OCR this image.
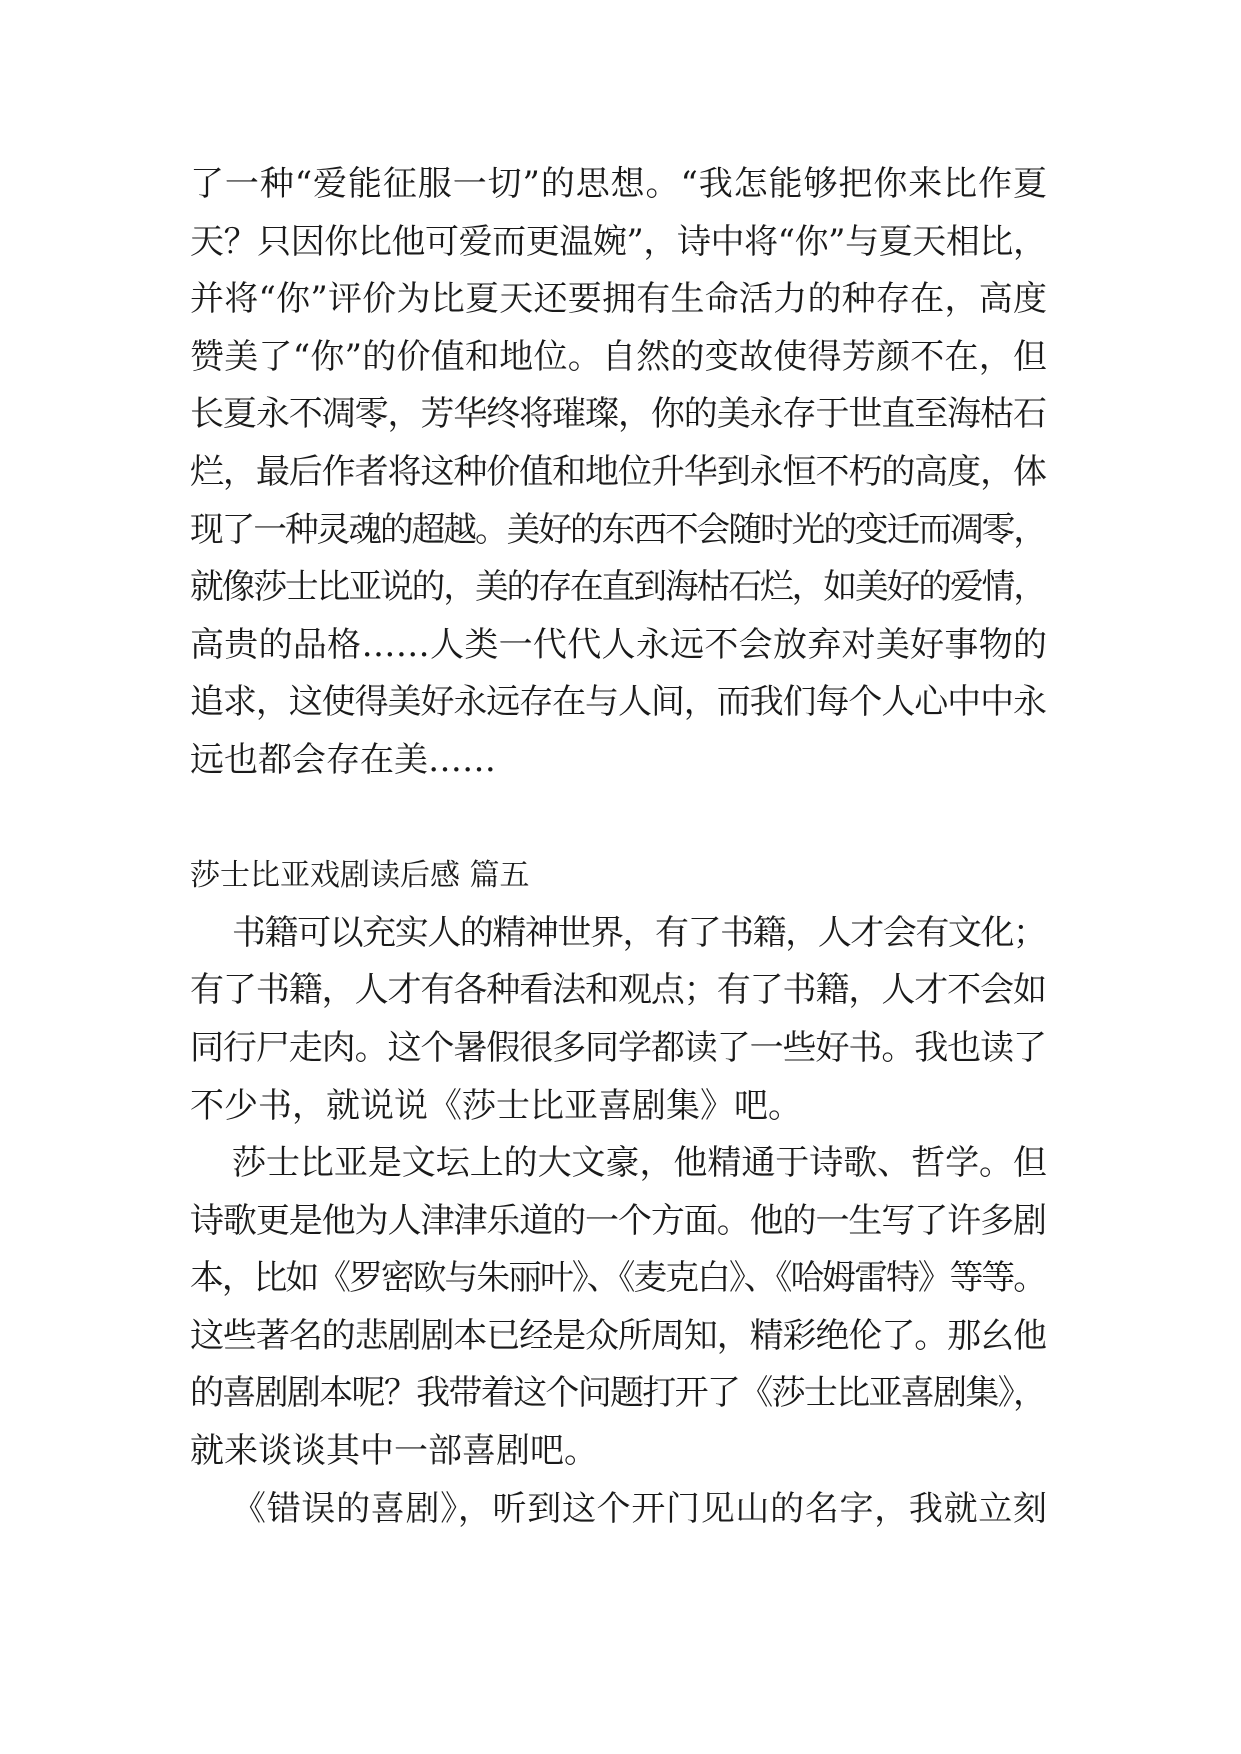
了一种“爱能征服一切”的思想。“我怎能够把你来比作夏
天？只因你比他可爱而更温婉”，诗中将“你”与夏天相比，
并将“你”评价为比夏天还要拥有生命活力的种存在，高度
赞美了“你”的价值和地位。自然的变故使得芳颜不在，但
长夏永不凋零，芳华终将璀璨，你的美永存于世直至海枯石
烂，最后作者将这种价值和地位升华到永恒不朽的高度，体
现了一种灵魂的超越。美好的东西不会随时光的变迁而凋零，
就像莎士比亚说的，美的存在直到海枯石烂，如美好的爱情，
高贵的品格……人类一代代人永远不会放弃对美好事物的
追求，这使得美好永远存在与人间，而我们每个人心中中永
远也都会存在美……
莎士比亚戏剧读后感 篇五
书籍可以充实人的精神世界，有了书籍，人才会有文化；
有了书籍，人才有各种看法和观点；有了书籍，人才不会如
同行尸走肉。这个暑假很多同学都读了一些好书。我也读了
不少书，就说说《莎士比亚喜剧集》吧。
莎士比亚是文坛上的大文豪，他精通于诗歌、哲学。但
诗歌更是他为人津津乐道的一个方面。他的一生写了许多剧
本，比如《罗密欧与朱丽叶》、《麦克白》、《哈姆雷特》等等。
这些著名的悲剧剧本已经是众所周知，精彩绝伦了。那幺他
的喜剧剧本呢？我带着这个问题打开了《莎士比亚喜剧集》，
就来谈谈其中一部喜剧吧。
《错误的喜剧》，听到这个开门见山的名字，我就立刻
